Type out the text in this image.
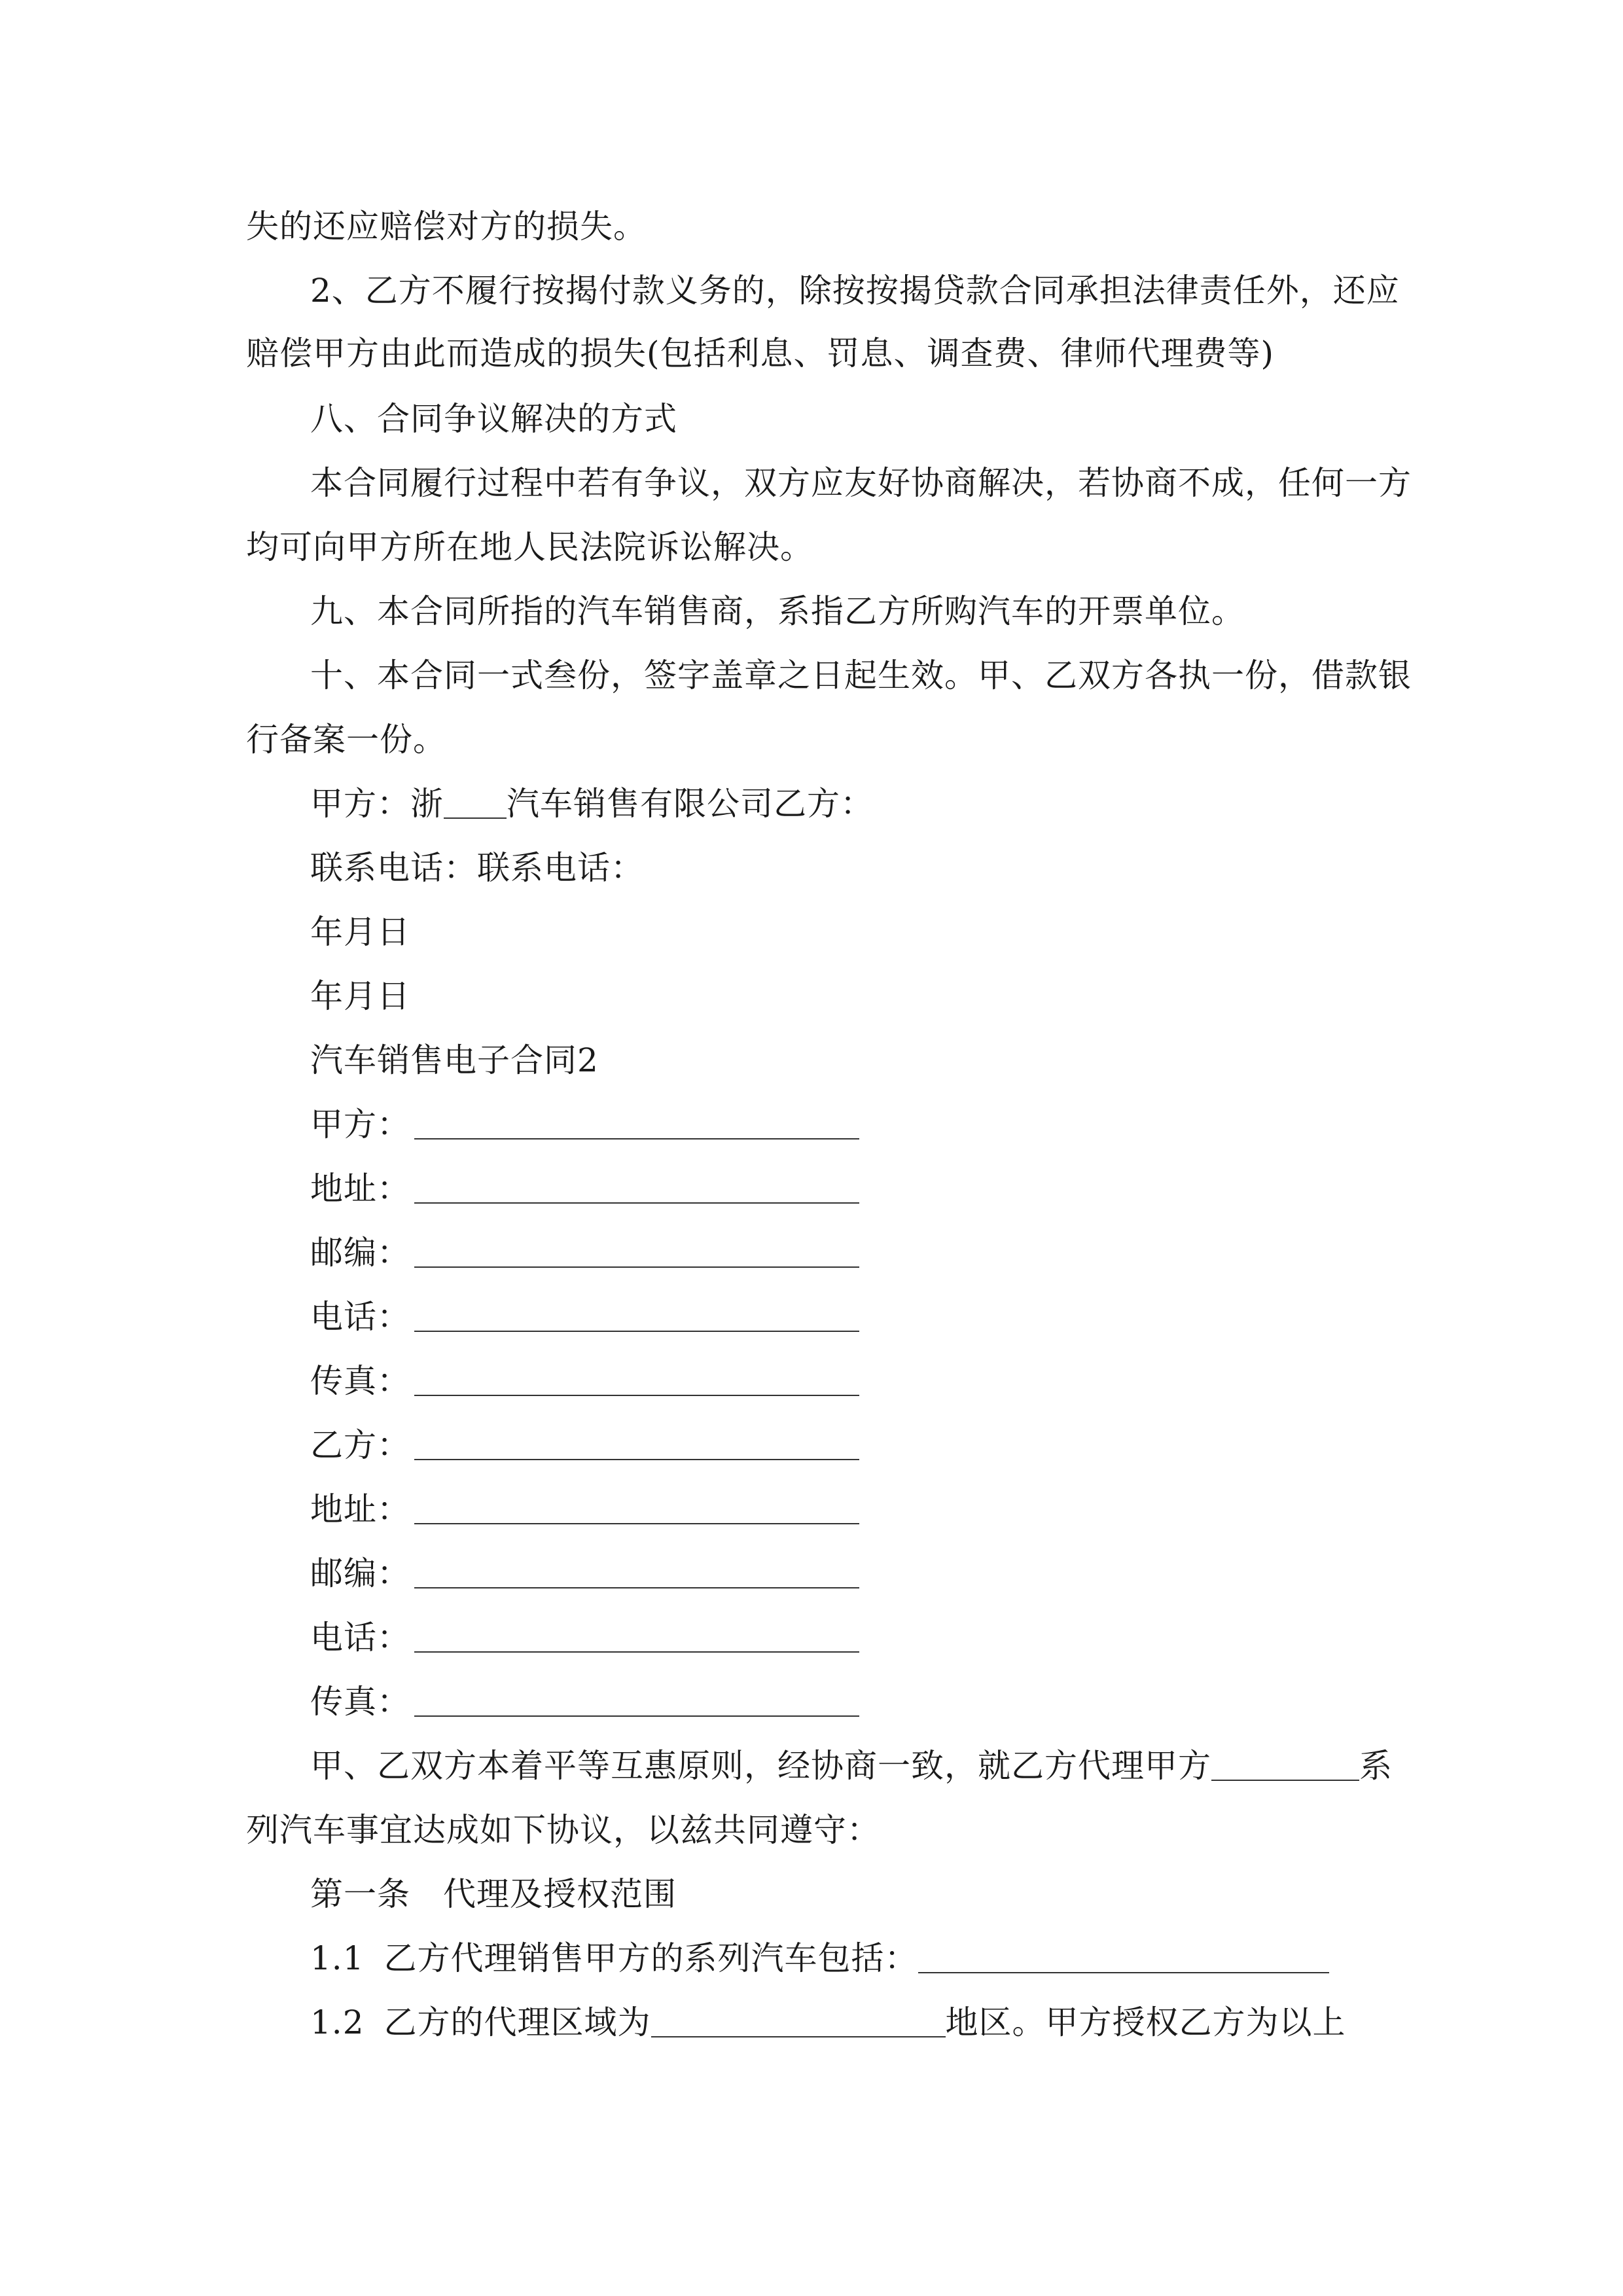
失的还应赔偿对方的损失。
2、乙方不履行按揭付款义务的，除按按揭贷款合同承担法律责任外，还应
赔偿甲方由此而造成的损失(包括利息、罚息、调查费、律师代理费等)
八、合同争议解决的方式
本合同履行过程中若有争议，双方应友好协商解决，若协商不成，任何一方
均可向甲方所在地人民法院诉讼解决。
九、本合同所指的汽车销售商，系指乙方所购汽车的开票单位。
十、本合同一式叁份，签字盖章之日起生效。甲、乙双方各执一份，借款银
行备案一份。
甲方：浙 汽车销售有限公司乙方：
联系电话：联系电话：
年月日
年月日
汽车销售电子合同2
甲方：
地址：
邮编：
电话：
传真：
乙方：
地址：
邮编：
电话：
传真：
甲、乙双方本着平等互惠原则，经协商一致，就乙方代理甲方	系
列汽车事宜达成如下协议，以兹共同遵守：
第一条 代理及授权范围
1.1 乙方代理销售甲方的系列汽车包括：
1.2 乙方的代理区域为	地区。甲方授权乙方为以上
